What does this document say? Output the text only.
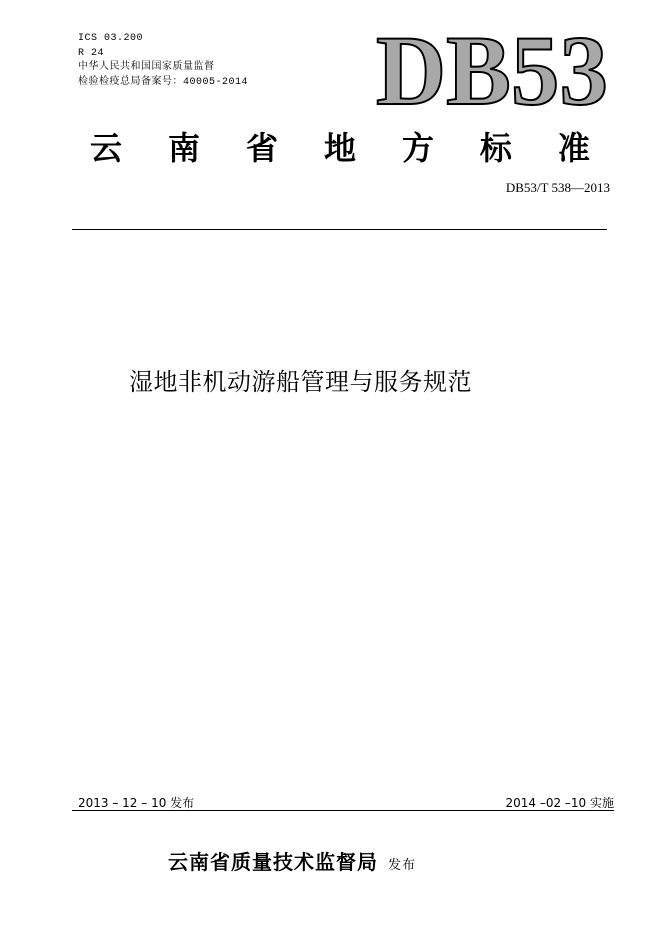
ICS 03.200
R 24
中华人民共和国国家质量监督
检验检疫总局备案号：40005-2014 DB53
云 南 省 地 方 标 准
DB53/T 538—2013
湿地非机动游船管理与服务规范
2013 – 12 – 10 发布	2014 –02 –10 实施
云南省质量技术监督局 发布
